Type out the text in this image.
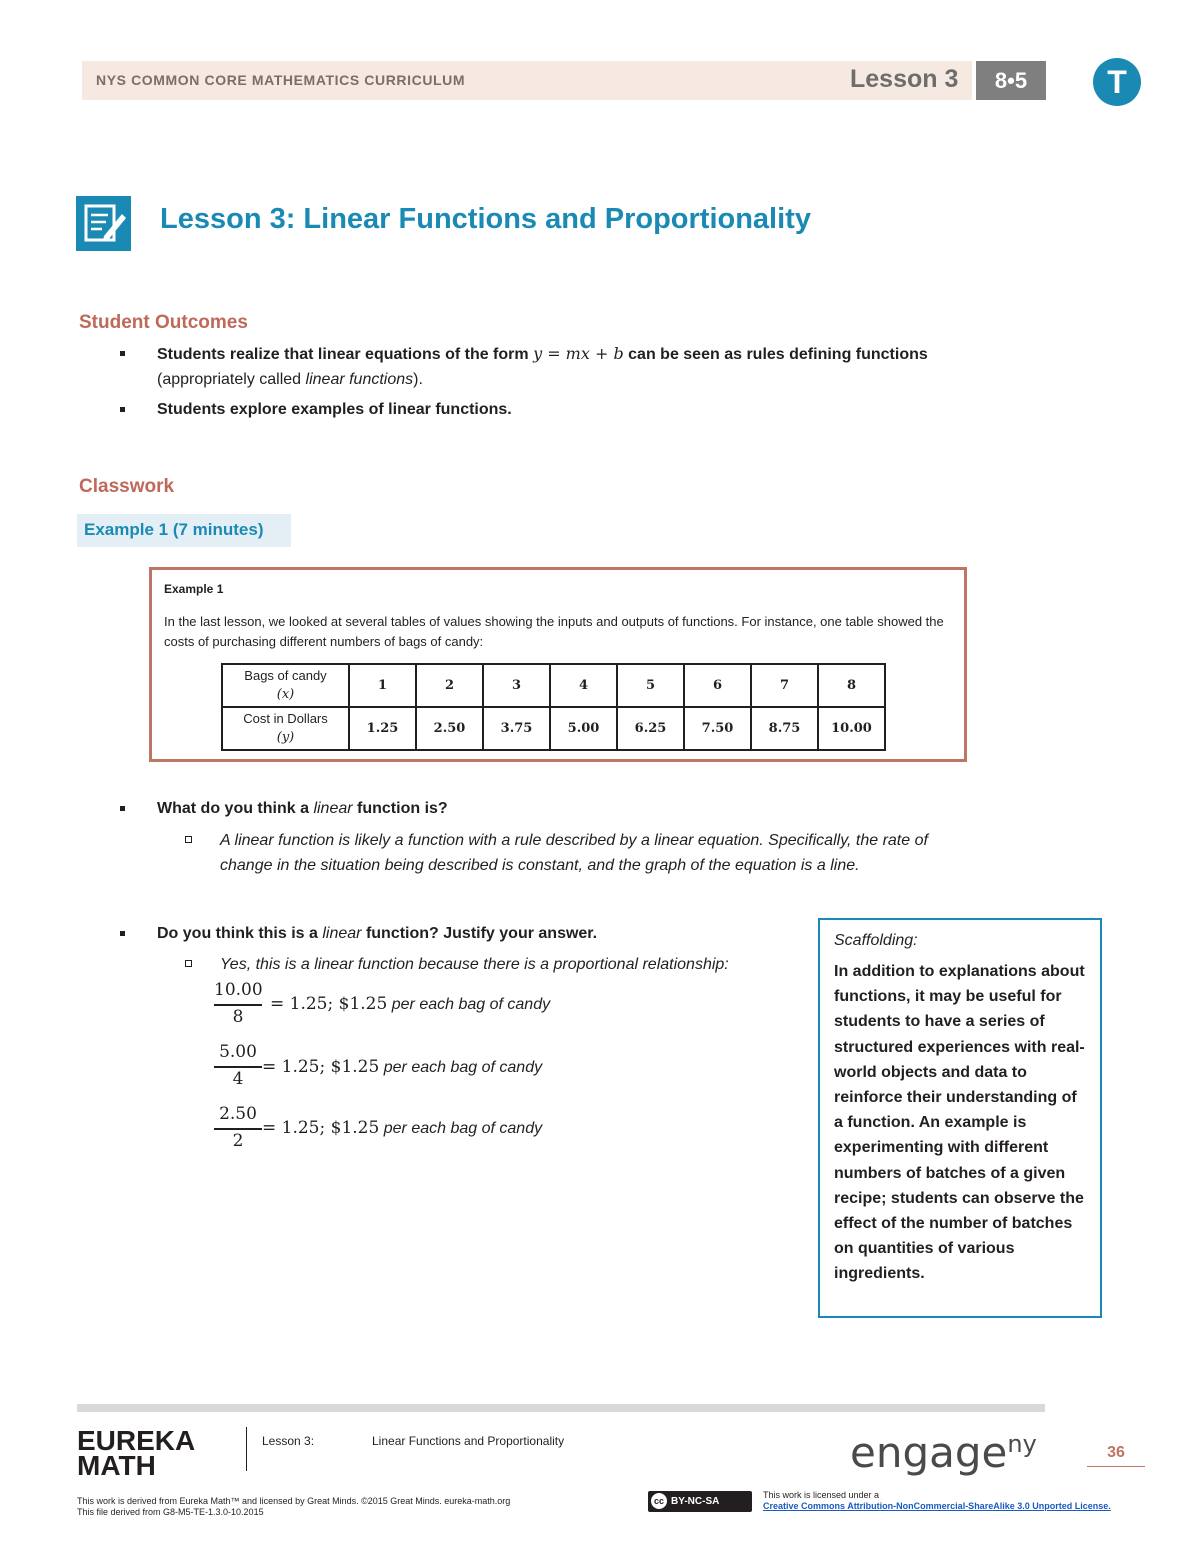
NYS COMMON CORE MATHEMATICS CURRICULUM	Lesson 3	8•5	T
Lesson 3: Linear Functions and Proportionality
Student Outcomes
Students realize that linear equations of the form y = mx + b can be seen as rules defining functions
(appropriately called linear functions).
Students explore examples of linear functions.
Classwork
Example 1 (7 minutes)
Example 1
In the last lesson, we looked at several tables of values showing the inputs and outputs of functions. For instance, one table showed the costs of purchasing different numbers of bags of candy:
Bags of candy
(x)	1	2	3	4	5	6	7	8
Cost in Dollars
(y)	1.25	2.50	3.75	5.00	6.25	7.50	8.75	10.00
What do you think a linear function is?
A linear function is likely a function with a rule described by a linear equation. Specifically, the rate of
change in the situation being described is constant, and the graph of the equation is a line.
Do you think this is a linear function? Justify your answer.
Yes, this is a linear function because there is a proportional relationship:
10.00
8
= 1.25; $1.25 per each bag of candy
5.00
4
= 1.25; $1.25 per each bag of candy
2.50
2
= 1.25; $1.25 per each bag of candy
Scaffolding:
In addition to explanations about functions, it may be useful for students to have a series of structured experiences with real-world objects and data to reinforce their understanding of a function. An example is experimenting with different numbers of batches of a given recipe; students can observe the effect of the number of batches on quantities of various ingredients.
EUREKA
MATH
Lesson 3:	Linear Functions and Proportionality	engage$^{ny}$	36
This work is derived from Eureka Math™ and licensed by Great Minds. ©2015 Great Minds. eureka-math.org
This file derived from G8-M5-TE-1.3.0-10.2015
cc BY-NC-SA
This work is licensed under a
Creative Commons Attribution-NonCommercial-ShareAlike 3.0 Unported License.
